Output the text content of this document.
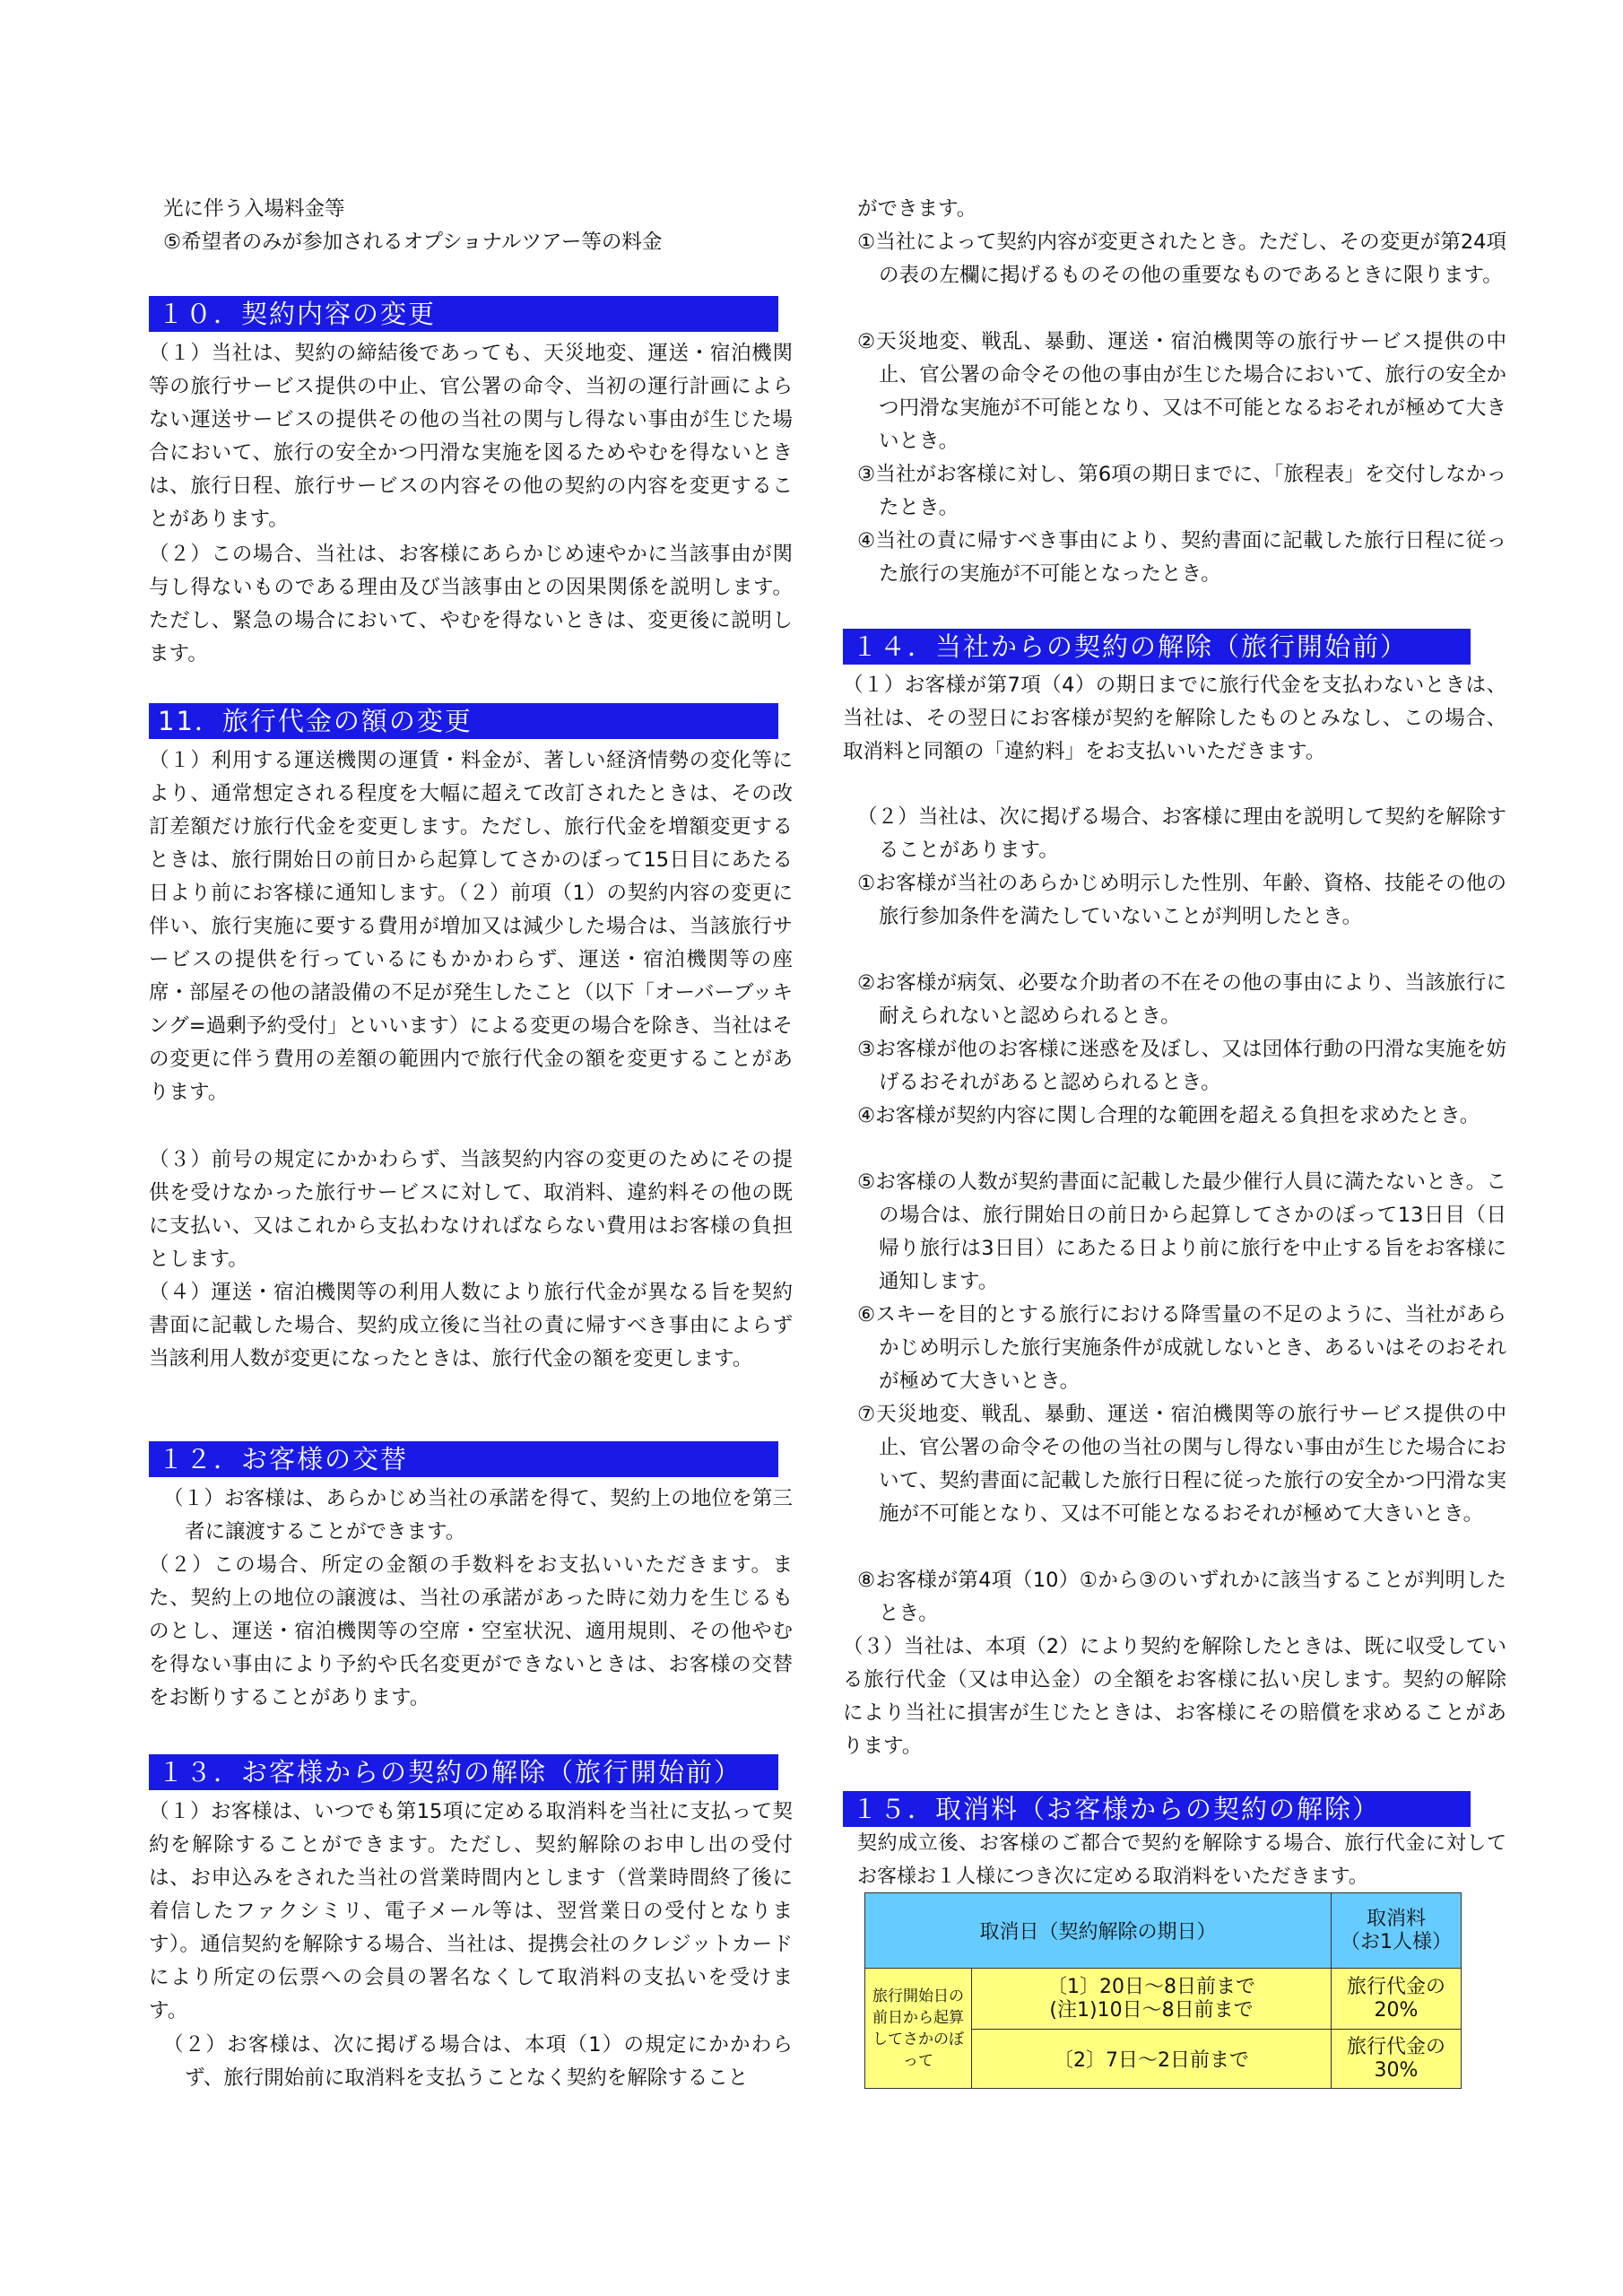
光に伴う入場料金等

⑤希望者のみが参加されるオプショナルツアー等の料金

１０．契約内容の変更

（１）当社は、契約の締結後であっても、天災地変、運送・宿泊機関等の旅行サービス提供の中止、官公署の命令、当初の運行計画によらない運送サービスの提供その他の当社の関与し得ない事由が生じた場合において、旅行の安全かつ円滑な実施を図るためやむを得ないときは、旅行日程、旅行サービスの内容その他の契約の内容を変更することがあります。

（２）この場合、当社は、お客様にあらかじめ速やかに当該事由が関与し得ないものである理由及び当該事由との因果関係を説明します。ただし、緊急の場合において、やむを得ないときは、変更後に説明します。

11．旅行代金の額の変更

（１）利用する運送機関の運賃・料金が、著しい経済情勢の変化等により、通常想定される程度を大幅に超えて改訂されたときは、その改訂差額だけ旅行代金を変更します。ただし、旅行代金を増額変更するときは、旅行開始日の前日から起算してさかのぼって15日目にあたる日より前にお客様に通知します。（２）前項（1）の契約内容の変更に伴い、旅行実施に要する費用が増加又は減少した場合は、当該旅行サービスの提供を行っているにもかかわらず、運送・宿泊機関等の座席・部屋その他の諸設備の不足が発生したこと（以下「オーバーブッキング=過剰予約受付」といいます）による変更の場合を除き、当社はその変更に伴う費用の差額の範囲内で旅行代金の額を変更することがあります。

（３）前号の規定にかかわらず、当該契約内容の変更のためにその提供を受けなかった旅行サービスに対して、取消料、違約料その他の既に支払い、又はこれから支払わなければならない費用はお客様の負担とします。

（４）運送・宿泊機関等の利用人数により旅行代金が異なる旨を契約書面に記載した場合、契約成立後に当社の責に帰すべき事由によらず当該利用人数が変更になったときは、旅行代金の額を変更します。

１２．お客様の交替

（１）お客様は、あらかじめ当社の承諾を得て、契約上の地位を第三者に譲渡することができます。

（２）この場合、所定の金額の手数料をお支払いいただきます。また、契約上の地位の譲渡は、当社の承諾があった時に効力を生じるものとし、運送・宿泊機関等の空席・空室状況、適用規則、その他やむを得ない事由により予約や氏名変更ができないときは、お客様の交替をお断りすることがあります。

１３．お客様からの契約の解除（旅行開始前）

（１）お客様は、いつでも第15項に定める取消料を当社に支払って契約を解除することができます。ただし、契約解除のお申し出の受付は、お申込みをされた当社の営業時間内とします（営業時間終了後に着信したファクシミリ、電子メール等は、翌営業日の受付となります）。通信契約を解除する場合、当社は、提携会社のクレジットカードにより所定の伝票への会員の署名なくして取消料の支払いを受けます。

（２）お客様は、次に掲げる場合は、本項（1）の規定にかかわらず、旅行開始前に取消料を支払うことなく契約を解除すること

ができます。

①当社によって契約内容が変更されたとき。ただし、その変更が第24項の表の左欄に掲げるものその他の重要なものであるときに限ります。

②天災地変、戦乱、暴動、運送・宿泊機関等の旅行サービス提供の中止、官公署の命令その他の事由が生じた場合において、旅行の安全かつ円滑な実施が不可能となり、又は不可能となるおそれが極めて大きいとき。

③当社がお客様に対し、第6項の期日までに、「旅程表」を交付しなかったとき。

④当社の責に帰すべき事由により、契約書面に記載した旅行日程に従った旅行の実施が不可能となったとき。

１４．当社からの契約の解除（旅行開始前）

（１）お客様が第7項（4）の期日までに旅行代金を支払わないときは、当社は、その翌日にお客様が契約を解除したものとみなし、この場合、取消料と同額の「違約料」をお支払いいただきます。

（２）当社は、次に掲げる場合、お客様に理由を説明して契約を解除することがあります。

①お客様が当社のあらかじめ明示した性別、年齢、資格、技能その他の旅行参加条件を満たしていないことが判明したとき。

②お客様が病気、必要な介助者の不在その他の事由により、当該旅行に耐えられないと認められるとき。

③お客様が他のお客様に迷惑を及ぼし、又は団体行動の円滑な実施を妨げるおそれがあると認められるとき。

④お客様が契約内容に関し合理的な範囲を超える負担を求めたとき。

⑤お客様の人数が契約書面に記載した最少催行人員に満たないとき。この場合は、旅行開始日の前日から起算してさかのぼって13日目（日帰り旅行は3日目）にあたる日より前に旅行を中止する旨をお客様に通知します。

⑥スキーを目的とする旅行における降雪量の不足のように、当社があらかじめ明示した旅行実施条件が成就しないとき、あるいはそのおそれが極めて大きいとき。

⑦天災地変、戦乱、暴動、運送・宿泊機関等の旅行サービス提供の中止、官公署の命令その他の当社の関与し得ない事由が生じた場合において、契約書面に記載した旅行日程に従った旅行の安全かつ円滑な実施が不可能となり、又は不可能となるおそれが極めて大きいとき。

⑧お客様が第4項（10）①から③のいずれかに該当することが判明したとき。

（３）当社は、本項（2）により契約を解除したときは、既に収受している旅行代金（又は申込金）の全額をお客様に払い戻します。契約の解除により当社に損害が生じたときは、お客様にその賠償を求めることがあります。

１５．取消料（お客様からの契約の解除）

契約成立後、お客様のご都合で契約を解除する場合、旅行代金に対してお客様お１人様につき次に定める取消料をいただきます。

取消日（契約解除の期日）		取消料
（お1人様）
旅行開始日の前日から起算してさかのぼって	〔1〕20日〜8日前まで
(注1)10日〜8日前まで	旅行代金の
20%
	〔2〕7日〜2日前まで	旅行代金の
30%
